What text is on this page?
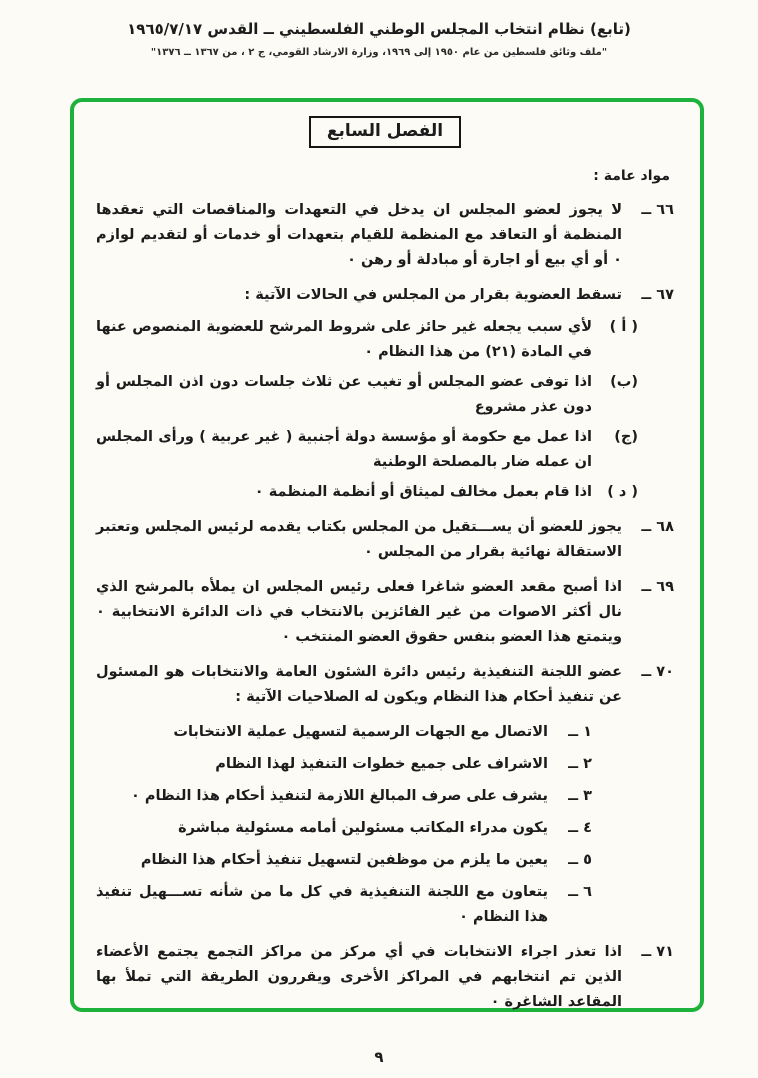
(تابع) نظام انتخاب المجلس الوطني الفلسطيني ــ القدس ١٩٦٥/٧/١٧
"ملف وثائق فلسطين من عام ١٩٥٠ إلى ١٩٦٩، وزارة الارشاد القومي، ج ٢ ، من ١٣٦٧ ــ ١٣٧٦"
الفصل السابع
مواد عامة :
٦٦ ــ
لا يجوز لعضو المجلس ان يدخل في التعهدات والمناقصات التي تعقدها المنظمة أو التعاقد مع المنظمة للقيام بتعهدات أو خدمات أو لتقديم لوازم ٠ أو أي بيع أو اجارة أو مبادلة أو رهن ٠
٦٧ ــ
تسقط العضوية بقرار من المجلس في الحالات الآتية :
( أ )
لأي سبب يجعله غير حائز على شروط المرشح للعضوية المنصوص عنها في المادة (٢١) من هذا النظام ٠
(ب)
اذا توفى عضو المجلس أو تغيب عن ثلاث جلسات دون اذن المجلس أو دون عذر مشروع
(ج)
اذا عمل مع حكومة أو مؤسسة دولة أجنبية ( غير عربية ) ورأى المجلس ان عمله ضار بالمصلحة الوطنية
( د )
اذا قام بعمل مخالف لميثاق أو أنظمة المنظمة ٠
٦٨ ــ
يجوز للعضو أن يســـتقيل من المجلس بكتاب يقدمه لرئيس المجلس وتعتبر الاستقالة نهائية بقرار من المجلس ٠
٦٩ ــ
اذا أصبح مقعد العضو شاغرا فعلى رئيس المجلس ان يملأه بالمرشح الذي نال أكثر الاصوات من غير الفائزين بالانتخاب في ذات الدائرة الانتخابية ٠ ويتمتع هذا العضو بنفس حقوق العضو المنتخب ٠
٧٠ ــ
عضو اللجنة التنفيذية رئيس دائرة الشئون العامة والانتخابات هو المسئول عن تنفيذ أحكام هذا النظام ويكون له الصلاحيات الآتية :
١ ــ
الاتصال مع الجهات الرسمية لتسهيل عملية الانتخابات
٢ ــ
الاشراف على جميع خطوات التنفيذ لهذا النظام
٣ ــ
يشرف على صرف المبالغ اللازمة لتنفيذ أحكام هذا النظام ٠
٤ ــ
يكون مدراء المكاتب مسئولين أمامه مسئولية مباشرة
٥ ــ
يعين ما يلزم من موظفين لتسهيل تنفيذ أحكام هذا النظام
٦ ــ
يتعاون مع اللجنة التنفيذية في كل ما من شأنه تســـهيل تنفيذ هذا النظام ٠
٧١ ــ
اذا تعذر اجراء الانتخابات في أي مركز من مراكز التجمع يجتمع الأعضاء الذين تم انتخابهم في المراكز الأخرى ويقررون الطريقة التي تملأ بها المقاعد الشاغرة ٠
٩
